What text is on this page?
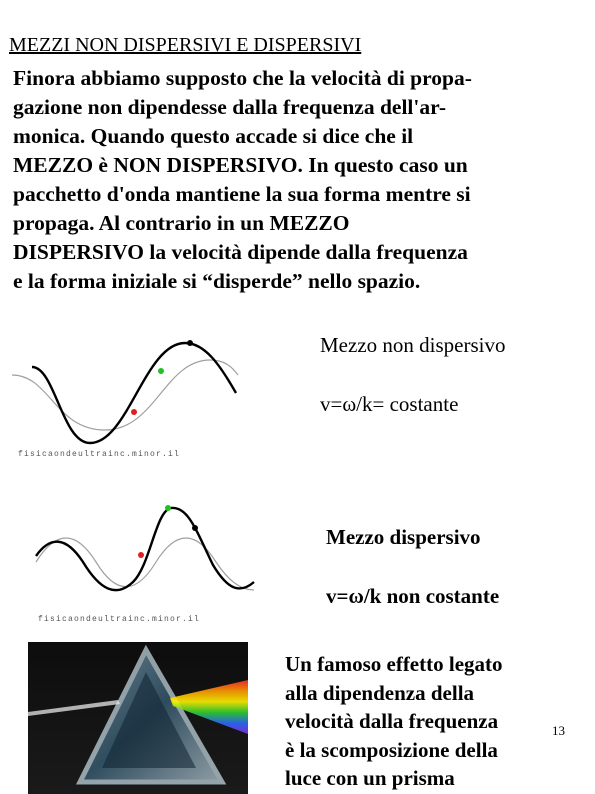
MEZZI NON DISPERSIVI E DISPERSIVI
Finora abbiamo supposto che la velocità di propa-
gazione non dipendesse dalla frequenza dell'ar-
monica. Quando questo accade si dice che il
MEZZO è NON DISPERSIVO. In questo caso un
pacchetto d'onda mantiene la sua forma mentre si
propaga. Al contrario in un MEZZO
DISPERSIVO la velocità dipende dalla frequenza
e la forma iniziale si “disperde” nello spazio.
fisicaondeultrainc.minor.il
Mezzo non dispersivo
v=ω/k= costante
fisicaondeultrainc.minor.il
Mezzo dispersivo
v=ω/k non costante
Un famoso effetto legato
alla dipendenza della
velocità dalla frequenza
è la scomposizione della
luce con un prisma
13
